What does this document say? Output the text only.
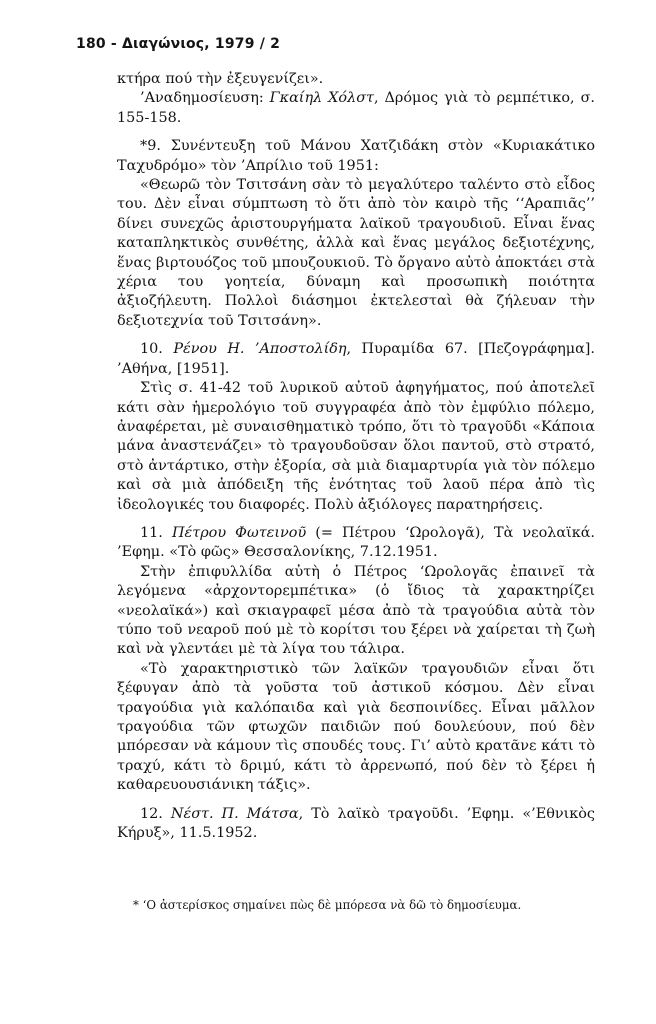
180 - Διαγώνιος, 1979 / 2

κτήρα πού τὴν ἐξευγενίζει».

’Αναδημοσίευση: Γκαίηλ Χόλστ, Δρόμος γιὰ τὸ ρεμπέτικο, σ. 155-158.

*9. Συνέντευξη τοῦ Μάνου Χατζιδάκη στὸν «Κυριακάτικο Ταχυδρόμο» τὸν ’Απρίλιο τοῦ 1951:

«Θεωρῶ τὸν Τσιτσάνη σὰν τὸ μεγαλύτερο ταλέντο στὸ εἶδος του. Δὲν εἶναι σύμπτωση τὸ ὅτι ἀπὸ τὸν καιρὸ τῆς ‘‘Αραπιᾶς’’ δίνει συνεχῶς ἀριστουργήματα λαϊκοῦ τραγουδιοῦ. Εἶναι ἕνας καταπληκτικὸς συνθέτης, ἀλλὰ καὶ ἕνας μεγάλος δεξιοτέχνης, ἕνας βιρτουόζος τοῦ μπουζουκιοῦ. Τὸ ὄργανο αὐτὸ ἀποκτάει στὰ χέρια του γοητεία, δύναμη καὶ προσωπικὴ ποιότητα ἀξιοζήλευτη. Πολλοὶ διάσημοι ἐκτελεσταὶ θὰ ζήλευαν τὴν δεξιοτεχνία τοῦ Τσιτσάνη».

10. Ρένου Η. ’Αποστολίδη, Πυραμίδα 67. [Πεζογράφημα]. ’Αθήνα, [1951].

Στὶς σ. 41-42 τοῦ λυρικοῦ αὐτοῦ ἀφηγήματος, πού ἀποτελεῖ κάτι σὰν ἡμερολόγιο τοῦ συγγραφέα ἀπὸ τὸν ἐμφύλιο πόλεμο, ἀναφέρεται, μὲ συναισθηματικὸ τρόπο, ὅτι τὸ τραγοῦδι «Κάποια μάνα ἀναστενάζει» τὸ τραγουδοῦσαν ὅλοι παντοῦ, στὸ στρατό, στὸ ἀντάρτικο, στὴν ἐξορία, σὰ μιὰ διαμαρτυρία γιὰ τὸν πόλεμο καὶ σὰ μιὰ ἀπόδειξη τῆς ἑνότητας τοῦ λαοῦ πέρα ἀπὸ τὶς ἰδεολογικές του διαφορές. Πολὺ ἀξιόλογες παρατηρήσεις.

11. Πέτρου Φωτεινοῦ (= Πέτρου ‘Ωρολογᾶ), Τὰ νεολαϊκά. ’Εφημ. «Τὸ φῶς» Θεσσαλονίκης, 7.12.1951.

Στὴν ἐπιφυλλίδα αὐτὴ ὁ Πέτρος ‘Ωρολογᾶς ἐπαινεῖ τὰ λεγόμενα «ἀρχοντορεμπέτικα» (ὁ ἴδιος τὰ χαρακτηρίζει «νεολαϊκά») καὶ σκιαγραφεῖ μέσα ἀπὸ τὰ τραγούδια αὐτὰ τὸν τύπο τοῦ νεαροῦ πού μὲ τὸ κορίτσι του ξέρει νὰ χαίρεται τὴ ζωὴ καὶ νὰ γλεντάει μὲ τὰ λίγα του τάλιρα.

«Τὸ χαρακτηριστικὸ τῶν λαϊκῶν τραγουδιῶν εἶναι ὅτι ξέφυγαν ἀπὸ τὰ γοῦστα τοῦ ἀστικοῦ κόσμου. Δὲν εἶναι τραγούδια γιὰ καλόπαιδα καὶ γιὰ δεσποινίδες. Εἶναι μᾶλλον τραγούδια τῶν φτωχῶν παιδιῶν πού δουλεύουν, πού δὲν μπόρεσαν νὰ κάμουν τὶς σπουδές τους. Γι’ αὐτὸ κρατᾶνε κάτι τὸ τραχύ, κάτι τὸ δριμύ, κάτι τὸ ἀρρενωπό, πού δὲν τὸ ξέρει ἡ καθαρευουσιάνικη τάξις».

12. Νέστ. Π. Μάτσα, Τὸ λαϊκὸ τραγοῦδι. ’Εφημ. «’Εθνικὸς Κήρυξ», 11.5.1952.

* ‘Ο ἀστερίσκος σημαίνει πὼς δὲ μπόρεσα νὰ δῶ τὸ δημοσίευμα.
